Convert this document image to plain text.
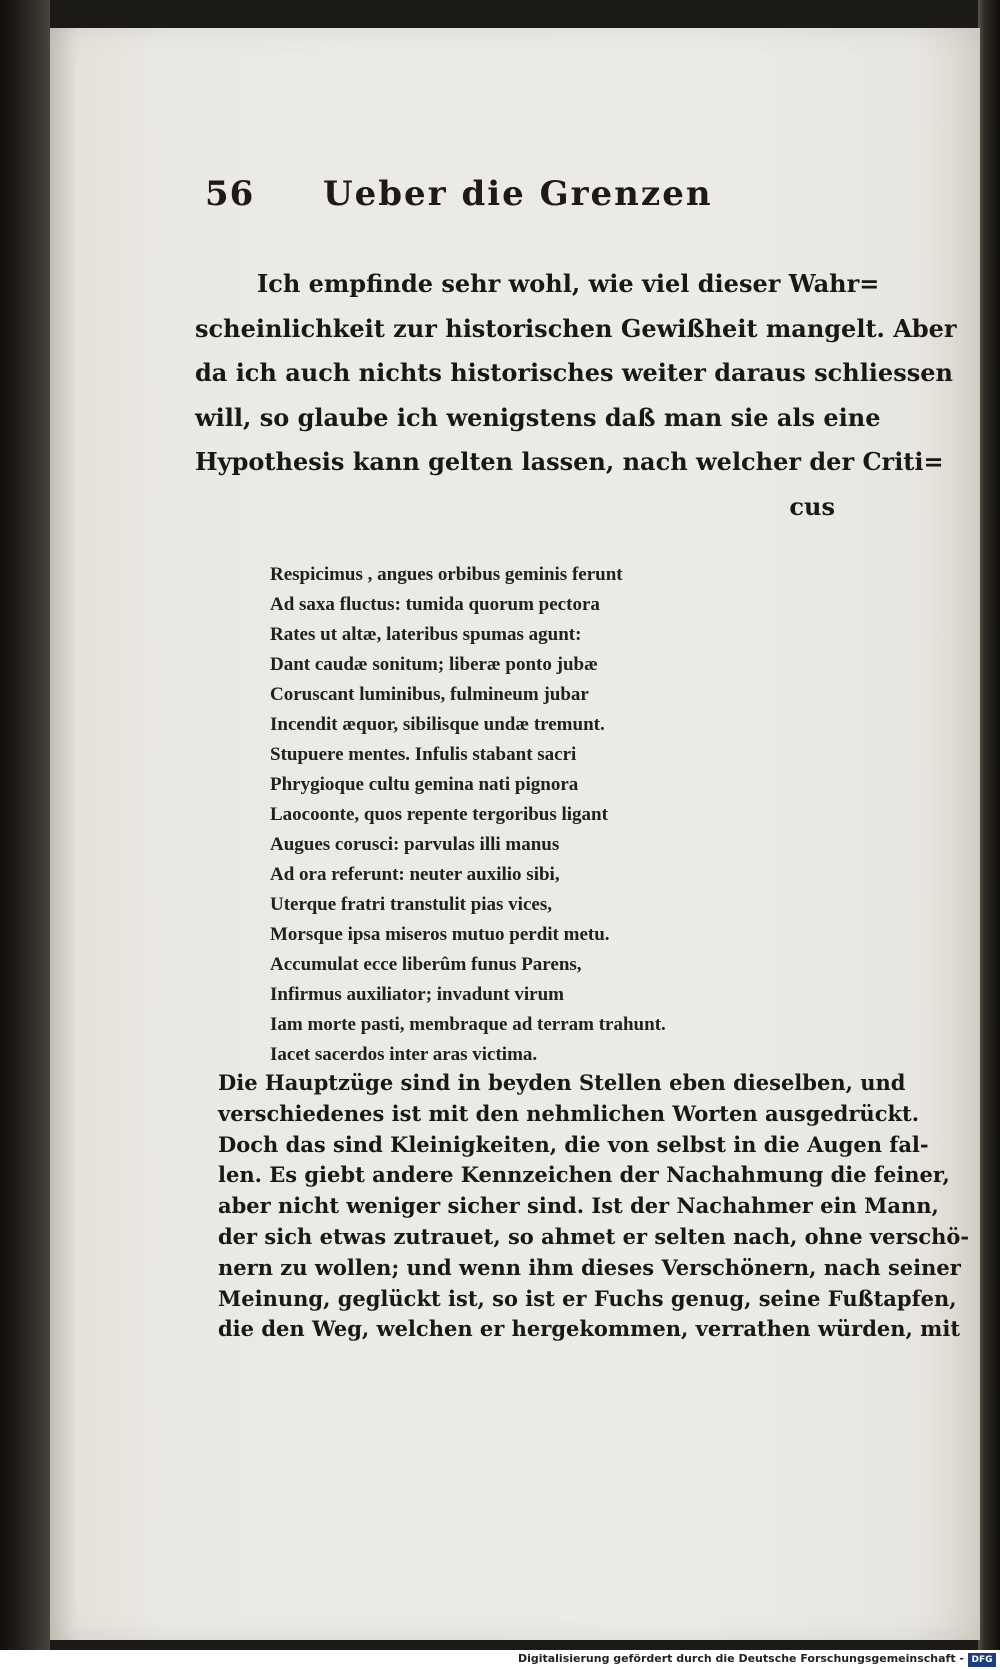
56 Ueber die Grenzen
Ich empfinde sehr wohl, wie viel dieser Wahr=
scheinlichkeit zur historischen Gewißheit mangelt. Aber
da ich auch nichts historisches weiter daraus schliessen
will, so glaube ich wenigstens daß man sie als eine
Hypothesis kann gelten lassen, nach welcher der Criti=
cus
Respicimus , angues orbibus geminis ferunt
Ad saxa fluctus: tumida quorum pectora
Rates ut altæ, lateribus spumas agunt:
Dant caudæ sonitum; liberæ ponto jubæ
Coruscant luminibus, fulmineum jubar
Incendit æquor, sibilisque undæ tremunt.
Stupuere mentes. Infulis stabant sacri
Phrygioque cultu gemina nati pignora
Laocoonte, quos repente tergoribus ligant
Augues corusci: parvulas illi manus
Ad ora referunt: neuter auxilio sibi,
Uterque fratri transtulit pias vices,
Morsque ipsa miseros mutuo perdit metu.
Accumulat ecce liberûm funus Parens,
Infirmus auxiliator; invadunt virum
Iam morte pasti, membraque ad terram trahunt.
Iacet sacerdos inter aras victima.
Die Hauptzüge sind in beyden Stellen eben dieselben, und
verschiedenes ist mit den nehmlichen Worten ausgedrückt.
Doch das sind Kleinigkeiten, die von selbst in die Augen fal-
len. Es giebt andere Kennzeichen der Nachahmung die feiner,
aber nicht weniger sicher sind. Ist der Nachahmer ein Mann,
der sich etwas zutrauet, so ahmet er selten nach, ohne verschö-
nern zu wollen; und wenn ihm dieses Verschönern, nach seiner
Meinung, geglückt ist, so ist er Fuchs genug, seine Fußtapfen,
die den Weg, welchen er hergekommen, verrathen würden, mit
Digitalisierung gefördert durch die Deutsche Forschungsgemeinschaft - DFG
